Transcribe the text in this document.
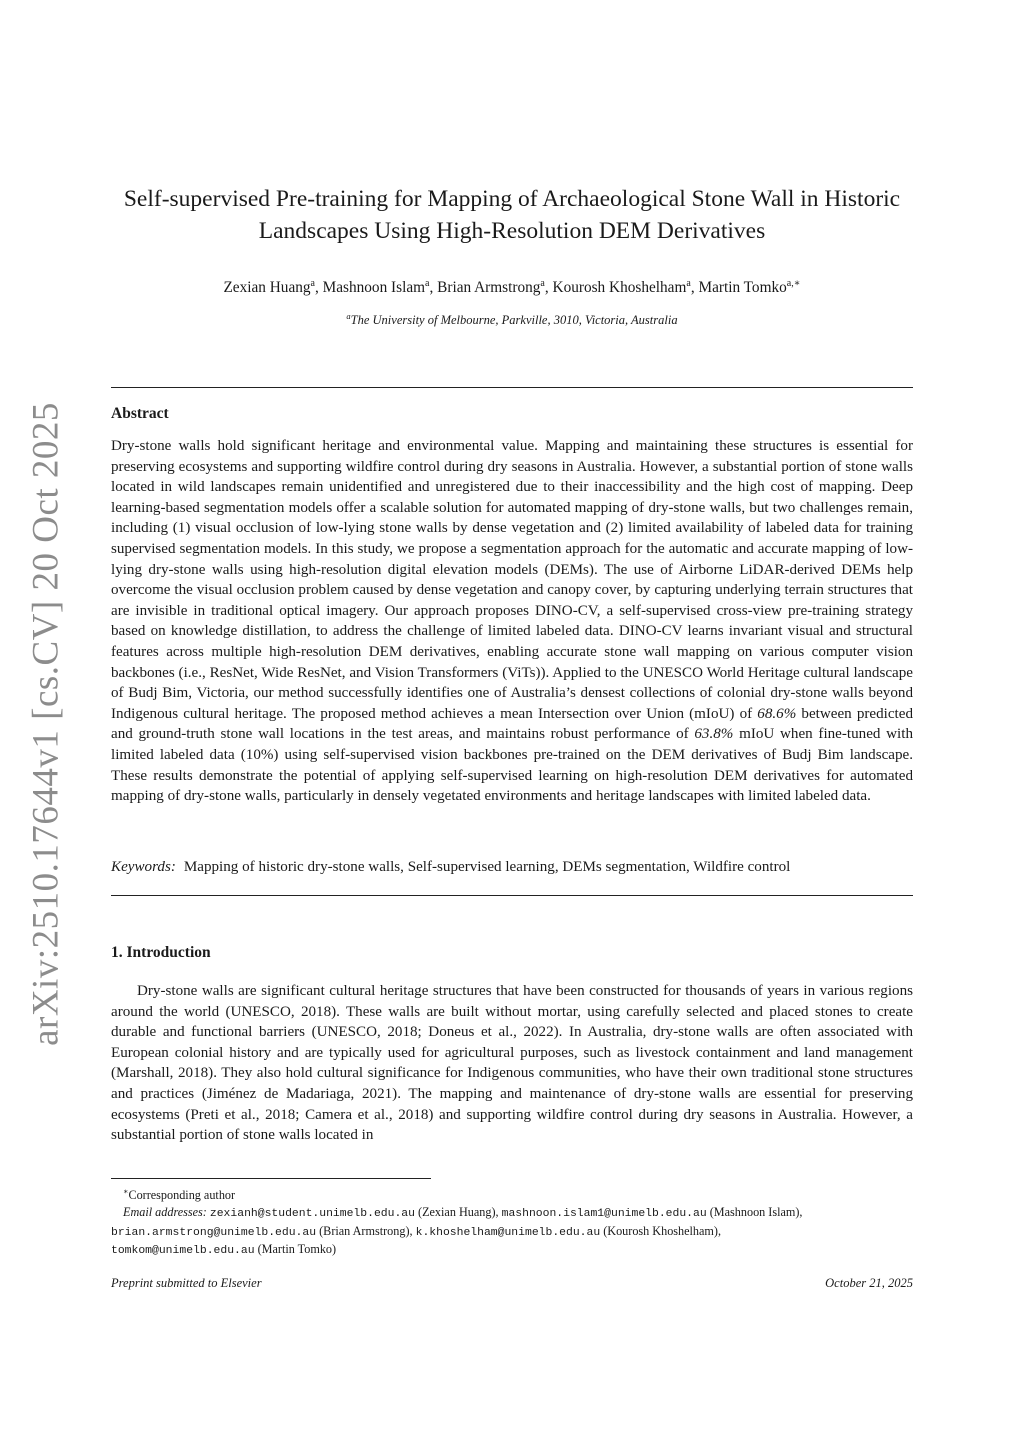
arXiv:2510.17644v1 [cs.CV] 20 Oct 2025
Self-supervised Pre-training for Mapping of Archaeological Stone Wall in Historic
Landscapes Using High-Resolution DEM Derivatives
Zexian Huang$^a$, Mashnoon Islam$^a$, Brian Armstrong$^a$, Kourosh Khoshelham$^a$, Martin Tomko$^{a,∗}$
$^a$The University of Melbourne, Parkville, 3010, Victoria, Australia
Abstract

Dry-stone walls hold significant heritage and environmental value. Mapping and maintaining these structures is essential for preserving ecosystems and supporting wildfire control during dry seasons in Australia. However, a substantial portion of stone walls located in wild landscapes remain unidentified and unregistered due to their inaccessibility and the high cost of mapping. Deep learning-based segmentation models offer a scalable solution for automated mapping of dry-stone walls, but two challenges remain, including (1) visual occlusion of low-lying stone walls by dense vegetation and (2) limited availability of labeled data for training supervised segmentation models. In this study, we propose a segmentation approach for the automatic and accurate mapping of low-lying dry-stone walls using high-resolution digital elevation models (DEMs). The use of Airborne LiDAR-derived DEMs help overcome the visual occlusion problem caused by dense vegetation and canopy cover, by capturing underlying terrain structures that are invisible in traditional optical imagery. Our approach proposes DINO-CV, a self-supervised cross-view pre-training strategy based on knowledge distillation, to address the challenge of limited labeled data. DINO-CV learns invariant visual and structural features across multiple high-resolution DEM derivatives, enabling accurate stone wall mapping on various computer vision backbones (i.e., ResNet, Wide ResNet, and Vision Transformers (ViTs)). Applied to the UNESCO World Heritage cultural landscape of Budj Bim, Victoria, our method successfully identifies one of Australia’s densest collections of colonial dry-stone walls beyond Indigenous cultural heritage. The proposed method achieves a mean Intersection over Union (mIoU) of 68.6% between predicted and ground-truth stone wall locations in the test areas, and maintains robust performance of 63.8% mIoU when fine-tuned with limited labeled data (10%) using self-supervised vision backbones pre-trained on the DEM derivatives of Budj Bim landscape. These results demonstrate the potential of applying self-supervised learning on high-resolution DEM derivatives for automated mapping of dry-stone walls, particularly in densely vegetated environments and heritage landscapes with limited labeled data.

Keywords: Mapping of historic dry-stone walls, Self-supervised learning, DEMs segmentation, Wildfire control
1. Introduction

Dry-stone walls are significant cultural heritage structures that have been constructed for thousands of years in various regions around the world (UNESCO, 2018). These walls are built without mortar, using carefully selected and placed stones to create durable and functional barriers (UNESCO, 2018; Doneus et al., 2022). In Australia, dry-stone walls are often associated with European colonial history and are typically used for agricultural purposes, such as livestock containment and land management (Marshall, 2018). They also hold cultural significance for Indigenous communities, who have their own traditional stone structures and practices (Jiménez de Madariaga, 2021). The mapping and maintenance of dry-stone walls are essential for preserving ecosystems (Preti et al., 2018; Camera et al., 2018) and supporting wildfire control during dry seasons in Australia. However, a substantial portion of stone walls located in

∗Corresponding author
Email addresses: zexianh@student.unimelb.edu.au (Zexian Huang), mashnoon.islam1@unimelb.edu.au (Mashnoon Islam),
brian.armstrong@unimelb.edu.au (Brian Armstrong), k.khoshelham@unimelb.edu.au (Kourosh Khoshelham),
tomkom@unimelb.edu.au (Martin Tomko)
Preprint submitted to Elsevier	October 21, 2025
